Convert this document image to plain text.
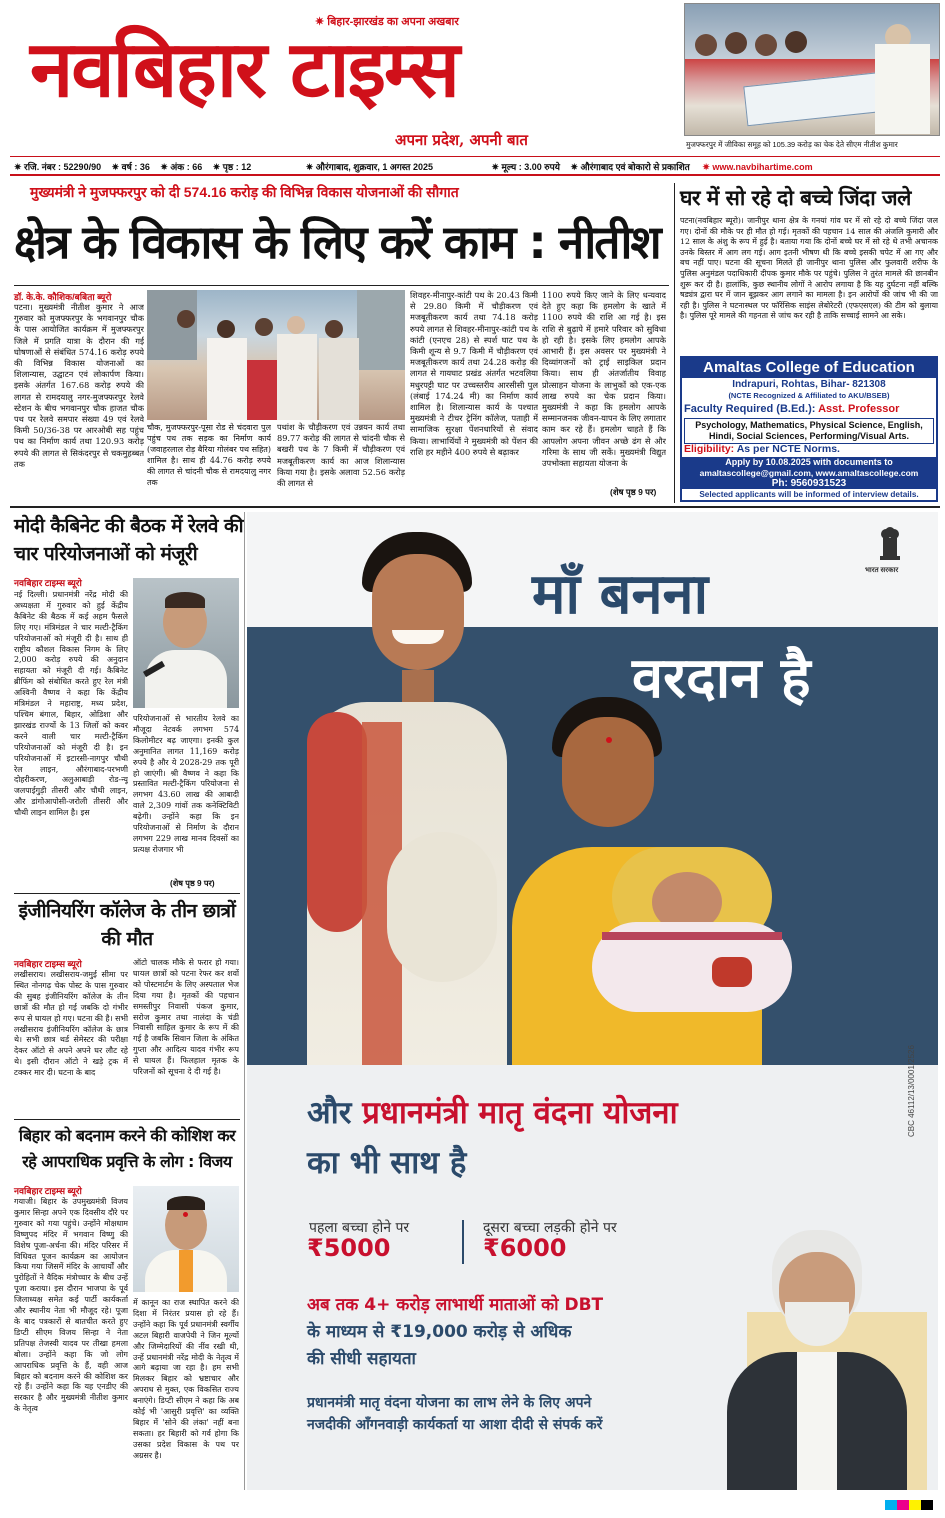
✷ बिहार-झारखंड का अपना अखबार
नवबिहार टाइम्स
अपना प्रदेश, अपनी बात	मुजफ्फरपुर में जीविका समूह को 105.39 करोड़ का चेक देते सीएम नीतीश कुमार
✷ रजि. नंबर : 52290/90 ✷ वर्ष : 36 ✷ अंक : 66 ✷ पृष्ठ : 12	✷ औरंगाबाद, शुक्रवार, 1 अगस्त 2025	✷ मूल्य : 3.00 रुपये ✷ औरंगाबाद एवं बोकारो से प्रकाशित ✷ www.navbihartime.com
मुख्यमंत्री ने मुजफ्फरपुर को दी 574.16 करोड़ की विभिन्न विकास योजनाओं की सौगात
क्षेत्र के विकास के लिए करें काम : नीतीश
डॉ. के.के. कौशिक/बबिता ब्यूरो
पटना। मुख्यमंत्री नीतीश कुमार ने आज गुरुवार को मुजफ्फरपुर के भगवानपुर चौक के पास आयोजित कार्यक्रम में मुजफ्फरपुर जिले में प्रगति यात्रा के दौरान की गई घोषणाओं से संबंधित 574.16 करोड़ रुपये की विभिन्न विकास योजनाओं का शिलान्यास, उद्घाटन एवं लोकार्पण किया। इसके अंतर्गत 167.68 करोड़ रुपये की लागत से रामदयालु नगर-मुजफ्फरपुर रेलवे स्टेशन के बीच भगवानपुर चौक हाजत चौक पथ पर रेलवे समपार संख्या 49 एवं रेलवे किमी 50/36-38 पर आरओबी सह पहुंच पथ का निर्माण कार्य तथा 120.93 करोड़ रुपये की लागत से सिकंदरपुर से चकमुहब्बत तक
चौक, मुजफ्फरपुर-पूसा रोड से चंदवारा पुल पहुंच पथ तक सड़क का निर्माण कार्य (जवाहरलाल रोड़ बैरिया गोलंबर पथ सहित) शामिल है। साथ ही 44.76 करोड़ रुपये की लागत से चांदनी चौक से रामदयालु नगर तक
पथांश के चौड़ीकरण एवं उन्नयन कार्य तथा 89.77 करोड़ की लागत से चांदनी चौक से बखरी पथ के 7 किमी में चौड़ीकरण एवं मजबूतीकरण कार्य का आज शिलान्यास किया गया है। इसके अलावा 52.56 करोड़ की लागत से
शिवहर-मीनापुर-कांटी पथ के 20.43 किमी से 29.80 किमी में चौड़ीकरण एवं मजबूतीकरण कार्य तथा 74.18 करोड़ रुपये लागत से शिवहर-मीनापुर-कांटी पथ के कांटी (एनएच 28) से स्पर्श घाट पथ के किमी शून्य से 9.7 किमी में चौड़ीकरण एवं मजबूतीकरण कार्य तथा 24.28 करोड़ की लागत से गायघाट प्रखंड अंतर्गत भटवलिया मधुरपट्टी घाट पर उच्चस्तरीय आरसीसी पुल (लंबाई 174.24 मी) का निर्माण कार्य शामिल है। शिलान्यास कार्य के पश्चात मुख्यमंत्री ने टीचर ट्रेनिंग कॉलेज, पताही में सामाजिक सुरक्षा पेंशनधारियों से संवाद किया। लाभार्थियों ने मुख्यमंत्री को पेंशन की राशि हर महीने 400 रुपये से बढ़ाकर
1100 रुपये किए जाने के लिए धन्यवाद देते हुए कहा कि हमलोग के खाते में 1100 रुपये की राशि आ गई है। इस राशि से बुढ़ापे में हमारे परिवार को सुविधा हो रही है। इसके लिए हमलोग आपके आभारी हैं। इस अवसर पर मुख्यमंत्री ने दिव्यांगजनों को ट्राई साइकिल प्रदान किया। साथ ही अंतर्जातीय विवाह प्रोत्साहन योजना के लाभुकों को एक-एक लाख रुपये का चेक प्रदान किया। मुख्यमंत्री ने कहा कि हमलोग आपके सम्मानजनक जीवन-यापन के लिए लगातार काम कर रहे हैं। हमलोग चाहते हैं कि आपलोग अपना जीवन अच्छे ढंग से और गरिमा के साथ जी सकें। मुख्यमंत्री विद्युत उपभोक्ता सहायता योजना के
(शेष पृष्ठ 9 पर)
घर में सो रहे दो बच्चे जिंदा जले
पटना(नवबिहार ब्यूरो)। जानीपुर थाना क्षेत्र के गनयां गांव घर में सो रहे दो बच्चे जिंदा जल गए। दोनों की मौके पर ही मौत हो गई। मृतकों की पहचान 14 साल की अंजलि कुमारी और 12 साल के अंशु के रूप में हुई है। बताया गया कि दोनों बच्चे घर में सो रहे थे तभी अचानक उनके बिस्तर में आग लग गई। आग इतनी भीषण थी कि बच्चे इसकी चपेट में आ गए और बच नहीं पाए। घटना की सूचना मिलते ही जानीपुर थाना पुलिस और फुलवारी शरीफ के पुलिस अनुमंडल पदाधिकारी दीपक कुमार मौके पर पहुंचे। पुलिस ने तुरंत मामले की छानबीन शुरू कर दी है। हालांकि, कुछ स्थानीय लोगों ने आरोप लगाया है कि यह दुर्घटना नहीं बल्कि षड्यंत्र द्वारा घर में जान बूझकर आग लगाने का मामला है। इन आरोपों की जांच भी की जा रही है। पुलिस ने घटनास्थल पर फॉरेंसिक साइंस लेबोरेटरी (एफएसएल) की टीम को बुलाया है। पुलिस पूरे मामले की गहनता से जांच कर रही है ताकि सच्चाई सामने आ सके।
Amaltas College of Education
Indrapuri, Rohtas, Bihar- 821308
(NCTE Recognized & Affiliated to AKU/BSEB)
Faculty Required (B.Ed.): Asst. Professor
Psychology, Mathematics, Physical Science, English, Hindi, Social Sciences, Performing/Visual Arts.
Eligibility: As per NCTE Norms.
Apply by 10.08.2025 with documents to
amaltascollege@gmail.com, www.amaltascollege.com
Ph: 9560931523
Selected applicants will be informed of interview details.
मोदी कैबिनेट की बैठक में रेलवे की चार परियोजनाओं को मंजूरी
नवबिहार टाइम्स ब्यूरो
नई दिल्ली। प्रधानमंत्री नरेंद्र मोदी की अध्यक्षता में गुरुवार को हुई केंद्रीय कैबिनेट की बैठक में कई अहम फैसले लिए गए। मंत्रिमंडल ने चार मल्टी-ट्रैकिंग परियोजनाओं को मंजूरी दी है। साथ ही राष्ट्रीय कौशल विकास निगम के लिए 2,000 करोड़ रुपये की अनुदान सहायता को मंजूरी दी गई। कैबिनेट ब्रीफिंग को संबोधित करते हुए रेल मंत्री अश्विनी वैष्णव ने कहा कि केंद्रीय मंत्रिमंडल ने महाराष्ट्र, मध्य प्रदेश, पश्चिम बंगाल, बिहार, ओडिशा और झारखंड राज्यों के 13 जिलों को कवर करने वाली चार मल्टी-ट्रैकिंग परियोजनाओं को मंजूरी दी है। इन परियोजनाओं में इटारसी-नागपुर चौथी रेल लाइन, औरंगाबाद-परभणी दोहरीकरण, अलुआबाड़ी रोड-न्यू जलपाईगुड़ी तीसरी और चौथी लाइन, और डांगोआपोसी-जरोली तीसरी और चौथी लाइन शामिल है। इस
परियोजनाओं से भारतीय रेलवे का मौजूदा नेटवर्क लगभग 574 किलोमीटर बढ़ जाएगा। इनकी कुल अनुमानित लागत 11,169 करोड़ रुपये है और ये 2028-29 तक पूरी हो जाएंगी। श्री वैष्णव ने कहा कि प्रस्तावित मल्टी-ट्रैकिंग परियोजना से लगभग 43.60 लाख की आबादी वाले 2,309 गांवों तक कनेक्टिविटी बढ़ेगी। उन्होंने कहा कि इन परियोजनाओं से निर्माण के दौरान लगभग 229 लाख मानव दिवसों का प्रत्यक्ष रोजगार भी
(शेष पृष्ठ 9 पर)
इंजीनियरिंग कॉलेज के तीन छात्रों की मौत
नवबिहार टाइम्स ब्यूरो
लखीसराय। लखीसराय-जमुई सीमा पर स्थित नोनगढ़ चेक पोस्ट के पास गुरुवार की सुबह इंजीनियरिंग कॉलेज के तीन छात्रों की मौत हो गई जबकि दो गंभीर रूप से घायल हो गए। घटना की है। सभी लखीसराय इंजीनियरिंग कॉलेज के छात्र थे। सभी छात्र थर्ड सेमेस्टर की परीक्षा देकर ऑटो से अपने अपने घर लौट रहे थे। इसी दौरान ऑटो ने खड़े ट्रक में टक्कर मार दी। घटना के बाद
ऑटो चालक मौके से फरार हो गया। घायल छात्रों को पटना रेफर कर शवों को पोस्टमार्टम के लिए अस्पताल भेज दिया गया है। मृतकों की पहचान समस्तीपुर निवासी पंकज कुमार, सरोज कुमार तथा नालंदा के चंडी निवासी साहिल कुमार के रूप में की गई है जबकि सिवान जिला के अंकित गुप्ता और आदित्य यादव गंभीर रूप से घायल हैं। फिलहाल मृतक के परिजनों को सूचना दे दी गई है।
बिहार को बदनाम करने की कोशिश कर रहे आपराधिक प्रवृत्ति के लोग : विजय
नवबिहार टाइम्स ब्यूरो
गयाजी। बिहार के उपमुख्यमंत्री विजय कुमार सिन्हा अपने एक दिवसीय दौरे पर गुरुवार को गया पहुंचे। उन्होंने मोक्षधाम विष्णुपद मंदिर में भगवान विष्णु की विशेष पूजा-अर्चना की। मंदिर परिसर में विधिवत पूजन कार्यक्रम का आयोजन किया गया जिसमें मंदिर के आचार्यों और पुरोहितों ने वैदिक मंत्रोच्चार के बीच उन्हें पूजा कराया। इस दौरान भाजपा के पूर्व जिलाध्यक्ष समेत कई पार्टी कार्यकर्ता और स्थानीय नेता भी मौजूद रहे। पूजा के बाद पत्रकारों से बातचीत करते हुए डिप्टी सीएम विजय सिन्हा ने नेता प्रतिपक्ष तेजस्वी यादव पर तीखा हमला बोला। उन्होंने कहा कि जो लोग आपराधिक प्रवृत्ति के हैं, वही आज बिहार को बदनाम करने की कोशिश कर रहे हैं। उन्होंने कहा कि यह एनडीए की सरकार है और मुख्यमंत्री नीतीश कुमार के नेतृत्व
में कानून का राज स्थापित करने की दिशा में निरंतर प्रयास हो रहे हैं। उन्होंने कहा कि पूर्व प्रधानमंत्री स्वर्गीय अटल बिहारी वाजपेयी ने जिन मूल्यों और जिम्मेदारियों की नींव रखी थी, उन्हें प्रधानमंत्री नरेंद्र मोदी के नेतृत्व में आगे बढ़ाया जा रहा है। हम सभी मिलकर बिहार को भ्रष्टाचार और अपराध से मुक्त, एक विकसित राज्य बनाएंगे। डिप्टी सीएम ने कहा कि अब कोई भी 'आसुरी प्रवृत्ति' का व्यक्ति बिहार में 'सोने की लंका' नहीं बना सकता। हर बिहारी को गर्व होगा कि उसका प्रदेश विकास के पथ पर अग्रसर है।
माँ बनना
वरदान है
भारत सरकार
और प्रधानमंत्री मातृ वंदना योजना
का भी साथ है
CBC 46112/13/0001/2526
पहला बच्चा होने पर
₹5000
दूसरा बच्चा लड़की होने पर
₹6000
अब तक 4+ करोड़ लाभार्थी माताओं को DBT
के माध्यम से ₹19,000 करोड़ से अधिक
की सीधी सहायता
प्रधानमंत्री मातृ वंदना योजना का लाभ लेने के लिए अपने
नजदीकी आँगनवाड़ी कार्यकर्ता या आशा दीदी से संपर्क करें
